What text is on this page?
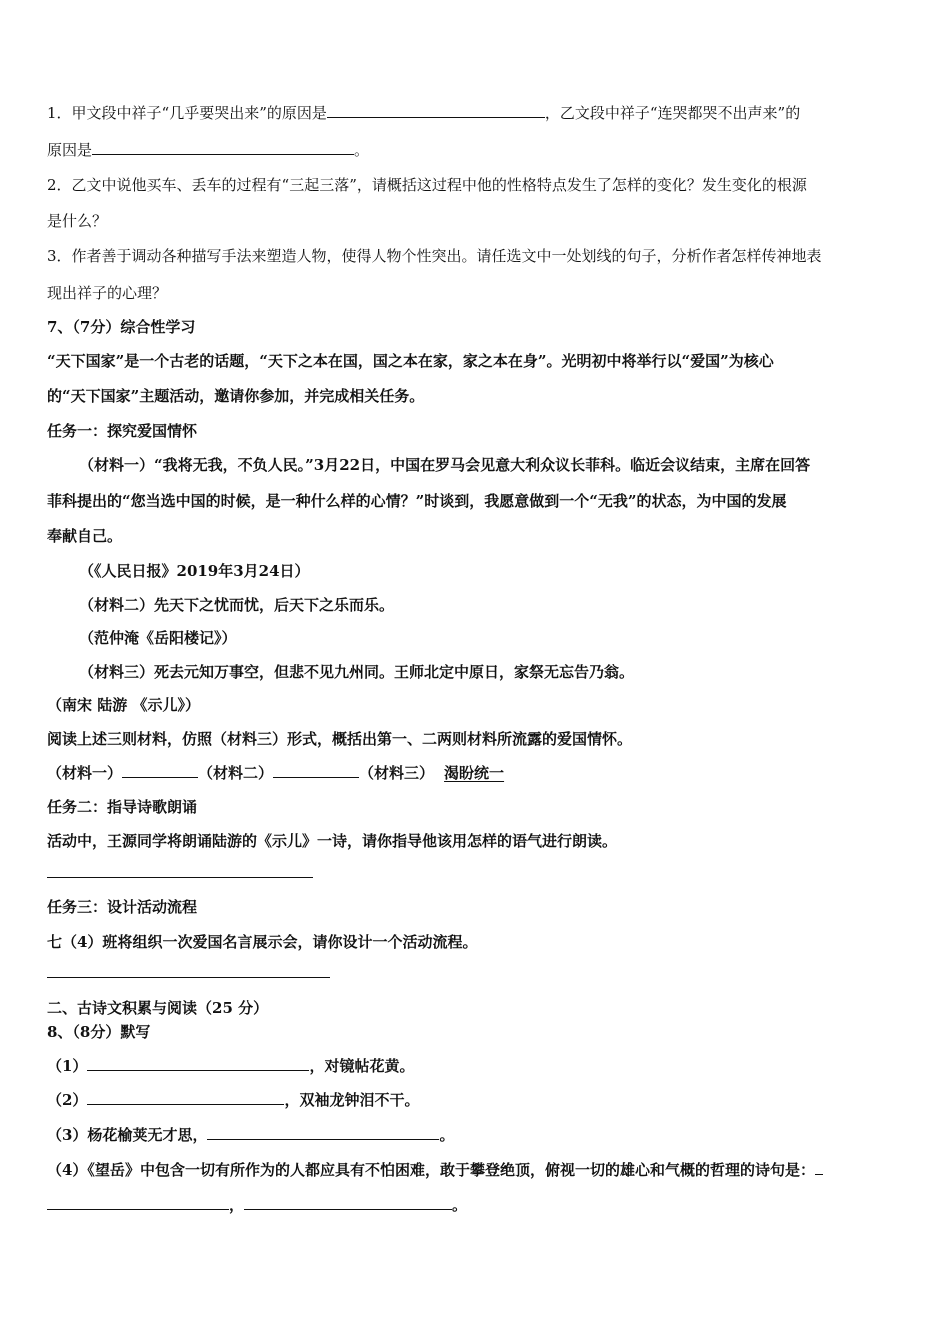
1．甲文段中祥子“几乎要哭出来”的原因是	，乙文段中祥子“连哭都哭不出声来”的
原因是	。
2．乙文中说他买车、丢车的过程有“三起三落”，请概括这过程中他的性格特点发生了怎样的变化？发生变化的根源
是什么？
3．作者善于调动各种描写手法来塑造人物，使得人物个性突出。请任选文中一处划线的句子，分析作者怎样传神地表
现出祥子的心理？
7、（7分）综合性学习
“天下国家”是一个古老的话题，“天下之本在国，国之本在家，家之本在身”。光明初中将举行以“爱国”为核心
的“天下国家”主题活动，邀请你参加，并完成相关任务。
任务一：探究爱国情怀
（材料一）“我将无我，不负人民。”3月22日，中国在罗马会见意大利众议长菲科。临近会议结束，主席在回答
菲科提出的“您当选中国的时候，是一种什么样的心情？”时谈到，我愿意做到一个“无我”的状态，为中国的发展
奉献自己。
（《人民日报》2019年3月24日）
（材料二）先天下之忧而忧，后天下之乐而乐。
（范仲淹《岳阳楼记》）
（材料三）死去元知万事空，但悲不见九州同。王师北定中原日，家祭无忘告乃翁。
（南宋 陆游 《示儿》）
阅读上述三则材料，仿照（材料三）形式，概括出第一、二两则材料所流露的爱国情怀。
（材料一）	（材料二）	（材料三） 渴盼统一
任务二：指导诗歌朗诵
活动中，王源同学将朗诵陆游的《示儿》一诗，请你指导他该用怎样的语气进行朗读。
任务三：设计活动流程
七（4）班将组织一次爱国名言展示会，请你设计一个活动流程。
二、古诗文积累与阅读（25 分）
8、（8分）默写
（1）	，对镜帖花黄。
（2）	，双袖龙钟泪不干。
（3）杨花榆荚无才思，	。
（4）《望岳》中包含一切有所作为的人都应具有不怕困难，敢于攀登绝顶，俯视一切的雄心和气概的哲理的诗句是：
，	。
